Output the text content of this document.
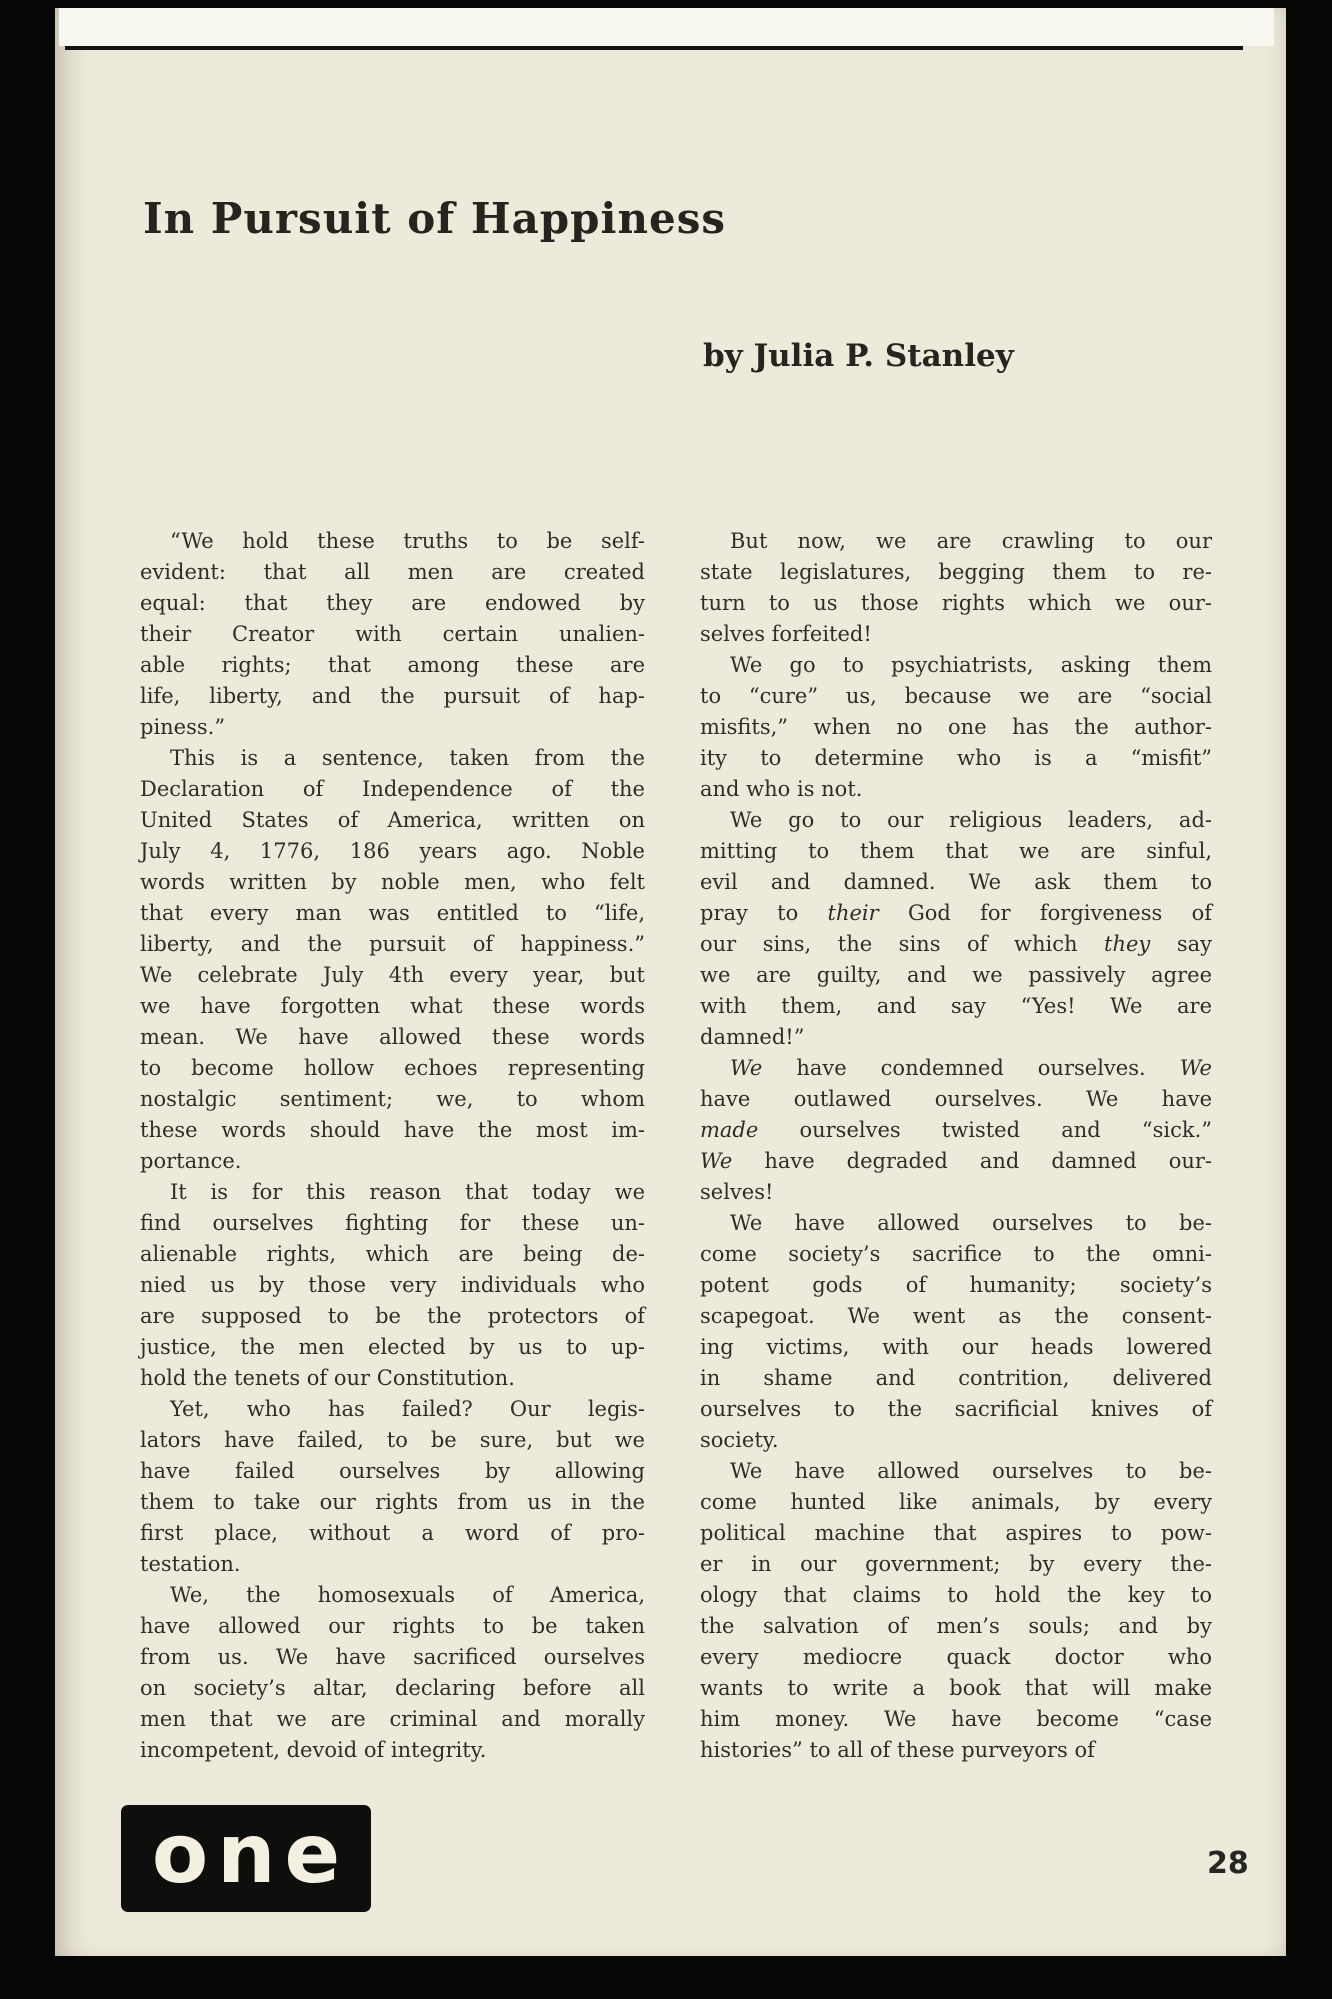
In Pursuit of Happiness
by Julia P. Stanley
“We hold these truths to be self-
evident: that all men are created
equal: that they are endowed by
their Creator with certain unalien-
able rights; that among these are
life, liberty, and the pursuit of hap-
piness.”
This is a sentence, taken from the
Declaration of Independence of the
United States of America, written on
July 4, 1776, 186 years ago. Noble
words written by noble men, who felt
that every man was entitled to “life,
liberty, and the pursuit of happiness.”
We celebrate July 4th every year, but
we have forgotten what these words
mean. We have allowed these words
to become hollow echoes representing
nostalgic sentiment; we, to whom
these words should have the most im-
portance.
It is for this reason that today we
find ourselves fighting for these un-
alienable rights, which are being de-
nied us by those very individuals who
are supposed to be the protectors of
justice, the men elected by us to up-
hold the tenets of our Constitution.
Yet, who has failed? Our legis-
lators have failed, to be sure, but we
have failed ourselves by allowing
them to take our rights from us in the
first place, without a word of pro-
testation.
We, the homosexuals of America,
have allowed our rights to be taken
from us. We have sacrificed ourselves
on society’s altar, declaring before all
men that we are criminal and morally
incompetent, devoid of integrity.
But now, we are crawling to our
state legislatures, begging them to re-
turn to us those rights which we our-
selves forfeited!
We go to psychiatrists, asking them
to “cure” us, because we are “social
misfits,” when no one has the author-
ity to determine who is a “misfit”
and who is not.
We go to our religious leaders, ad-
mitting to them that we are sinful,
evil and damned. We ask them to
pray to their God for forgiveness of
our sins, the sins of which they say
we are guilty, and we passively agree
with them, and say “Yes! We are
damned!”
We have condemned ourselves. We
have outlawed ourselves. We have
made ourselves twisted and “sick.”
We have degraded and damned our-
selves!
We have allowed ourselves to be-
come society’s sacrifice to the omni-
potent gods of humanity; society’s
scapegoat. We went as the consent-
ing victims, with our heads lowered
in shame and contrition, delivered
ourselves to the sacrificial knives of
society.
We have allowed ourselves to be-
come hunted like animals, by every
political machine that aspires to pow-
er in our government; by every the-
ology that claims to hold the key to
the salvation of men’s souls; and by
every mediocre quack doctor who
wants to write a book that will make
him money. We have become “case
histories” to all of these purveyors of
one	28
